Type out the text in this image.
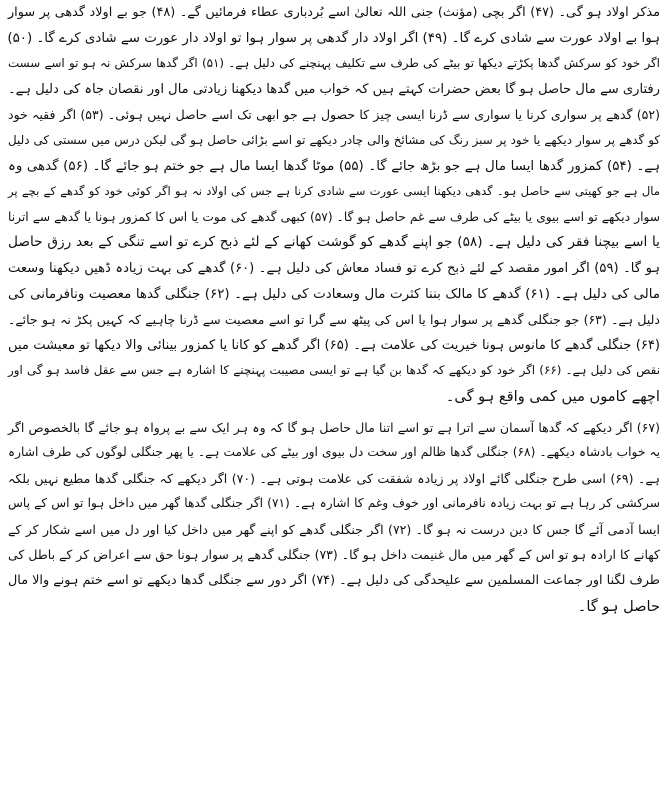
مذکر اولاد ہو گی۔ (۴۷) اگر بچی (مؤنث) جنی اللہ تعالیٰ اسے بُردباری عطاء فرمائیں گے۔ (۴۸) جو بے اولاد گدھی پر سوار
ہوا بے اولاد عورت سے شادی کرے گا۔ (۴۹) اگر اولاد دار گدھی پر سوار ہوا تو اولاد دار عورت سے شادی کرے گا۔ (۵۰)
اگر خود کو سرکش گدھا پکڑتے دیکھا تو بیٹے کی طرف سے تکلیف پہنچنے کی دلیل ہے۔ (۵۱) اگر گدھا سرکش نہ ہو تو اسے سست
رفتاری سے مال حاصل ہو گا بعض حضرات کہتے ہیں کہ خواب میں گدھا دیکھنا زیادتی مال اور نقصان جاہ کی دلیل ہے۔
(۵۲) گدھے پر سواری کرنا یا سواری سے ڈرنا ایسی چیز کا حصول ہے جو ابھی تک اسے حاصل نہیں ہوئی۔ (۵۳) اگر فقیہ خود
کو گدھے پر سوار دیکھے یا خود پر سبز رنگ کی مشائخ والی چادر دیکھے تو اسے بڑائی حاصل ہو گی لیکن درس میں سستی کی دلیل
ہے۔ (۵۴) کمزور گدھا ایسا مال ہے جو بڑھ جائے گا۔ (۵۵) موٹا گدھا ایسا مال ہے جو ختم ہو جائے گا۔ (۵۶) گدھی وہ
مال ہے جو کھیتی سے حاصل ہو۔ گدھی دیکھنا ایسی عورت سے شادی کرنا ہے جس کی اولاد نہ ہو اگر کوئی خود کو گدھے کے بچے پر
سوار دیکھے تو اسے بیوی یا بیٹے کی طرف سے غم حاصل ہو گا۔ (۵۷) کبھی گدھے کی موت یا اس کا کمزور ہونا یا گدھے سے اترنا
یا اسے بیچنا فقر کی دلیل ہے۔ (۵۸) جو اپنے گدھے کو گوشت کھانے کے لئے ذبح کرے تو اسے تنگی کے بعد رزق حاصل
ہو گا۔ (۵۹) اگر امور مقصد کے لئے ذبح کرے تو فساد معاش کی دلیل ہے۔ (۶۰) گدھے کی بہت زیادہ ڈھیں دیکھنا وسعت
مالی کی دلیل ہے۔ (۶۱) گدھے کا مالک بننا کثرت مال وسعادت کی دلیل ہے۔ (۶۲) جنگلی گدھا معصیت ونافرمانی کی
دلیل ہے۔ (۶۳) جو جنگلی گدھے پر سوار ہوا یا اس کی پیٹھ سے گرا تو اسے معصیت سے ڈرنا چاہیے کہ کہیں پکڑ نہ ہو جائے۔
(۶۴) جنگلی گدھے کا مانوس ہونا خیریت کی علامت ہے۔ (۶۵) اگر گدھے کو کانا یا کمزور بینائی والا دیکھا تو معیشت میں
نقص کی دلیل ہے۔ (۶۶) اگر خود کو دیکھے کہ گدھا بن گیا ہے تو ایسی مصیبت پہنچنے کا اشارہ ہے جس سے عقل فاسد ہو گی اور
اچھے کاموں میں کمی واقع ہو گی۔
(۶۷) اگر دیکھے کہ گدھا آسمان سے اترا ہے تو اسے اتنا مال حاصل ہو گا کہ وہ ہر ایک سے بے پرواہ ہو جائے گا بالخصوص اگر
یہ خواب بادشاہ دیکھے۔ (۶۸) جنگلی گدھا ظالم اور سخت دل بیوی اور بیٹے کی علامت ہے۔ یا پھر جنگلی لوگوں کی طرف اشارہ
ہے۔ (۶۹) اسی طرح جنگلی گائے اولاد پر زیادہ شفقت کی علامت ہوتی ہے۔ (۷۰) اگر دیکھے کہ جنگلی گدھا مطیع نہیں بلکہ
سرکشی کر رہا ہے تو بہت زیادہ نافرمانی اور خوف وغم کا اشارہ ہے۔ (۷۱) اگر جنگلی گدھا گھر میں داخل ہوا تو اس کے پاس
ایسا آدمی آئے گا جس کا دین درست نہ ہو گا۔ (۷۲) اگر جنگلی گدھے کو اپنے گھر میں داخل کیا اور دل میں اسے شکار کر کے
کھانے کا ارادہ ہو تو اس کے گھر میں مال غنیمت داخل ہو گا۔ (۷۳) جنگلی گدھے پر سوار ہونا حق سے اعراض کر کے باطل کی
طرف لگنا اور جماعت المسلمین سے علیحدگی کی دلیل ہے۔ (۷۴) اگر دور سے جنگلی گدھا دیکھے تو اسے ختم ہونے والا مال
حاصل ہو گا۔
